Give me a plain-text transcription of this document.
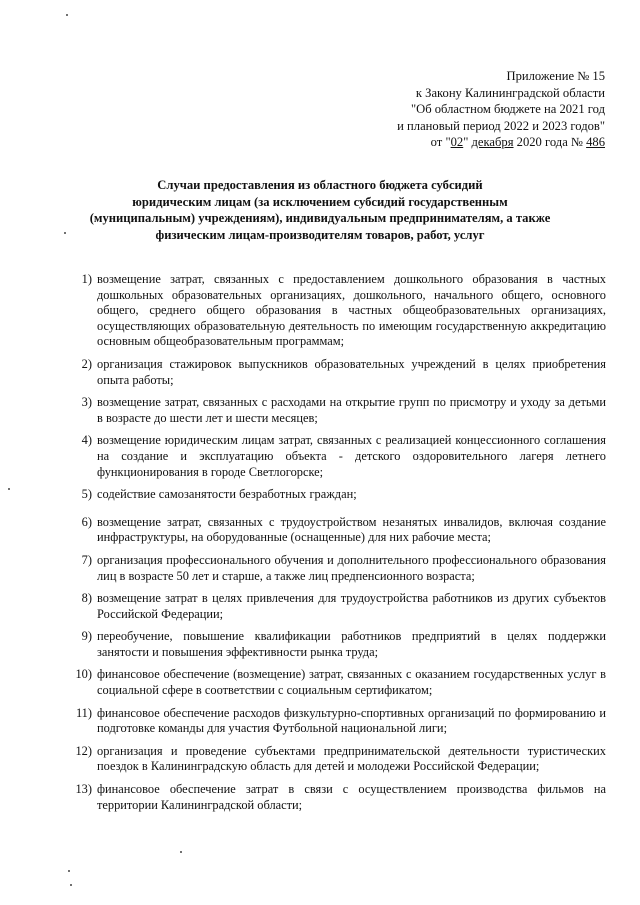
Приложение № 15
к Закону Калининградской области
"Об областном бюджете на 2021 год
и плановый период 2022 и 2023 годов"
от "02" декабря 2020 года № 486
Случаи предоставления из областного бюджета субсидий
юридическим лицам (за исключением субсидий государственным
(муниципальным) учреждениям), индивидуальным предпринимателям, а также
физическим лицам-производителям товаров, работ, услуг
1) возмещение затрат, связанных с предоставлением дошкольного образования в частных дошкольных образовательных организациях, дошкольного, начального общего, основного общего, среднего общего образования в частных общеобразовательных организациях, осуществляющих образовательную деятельность по имеющим государственную аккредитацию основным общеобразовательным программам;
2) организация стажировок выпускников образовательных учреждений в целях приобретения опыта работы;
3) возмещение затрат, связанных с расходами на открытие групп по присмотру и уходу за детьми в возрасте до шести лет и шести месяцев;
4) возмещение юридическим лицам затрат, связанных с реализацией концессионного соглашения на создание и эксплуатацию объекта - детского оздоровительного лагеря летнего функционирования в городе Светлогорске;
5) содействие самозанятости безработных граждан;
6) возмещение затрат, связанных с трудоустройством незанятых инвалидов, включая создание инфраструктуры, на оборудованные (оснащенные) для них рабочие места;
7) организация профессионального обучения и дополнительного профессионального образования лиц в возрасте 50 лет и старше, а также лиц предпенсионного возраста;
8) возмещение затрат в целях привлечения для трудоустройства работников из других субъектов Российской Федерации;
9) переобучение, повышение квалификации работников предприятий в целях поддержки занятости и повышения эффективности рынка труда;
10) финансовое обеспечение (возмещение) затрат, связанных с оказанием государственных услуг в социальной сфере в соответствии с социальным сертификатом;
11) финансовое обеспечение расходов физкультурно-спортивных организаций по формированию и подготовке команды для участия Футбольной национальной лиги;
12) организация и проведение субъектами предпринимательской деятельности туристических поездок в Калининградскую область для детей и молодежи Российской Федерации;
13) финансовое обеспечение затрат в связи с осуществлением производства фильмов на территории Калининградской области;
